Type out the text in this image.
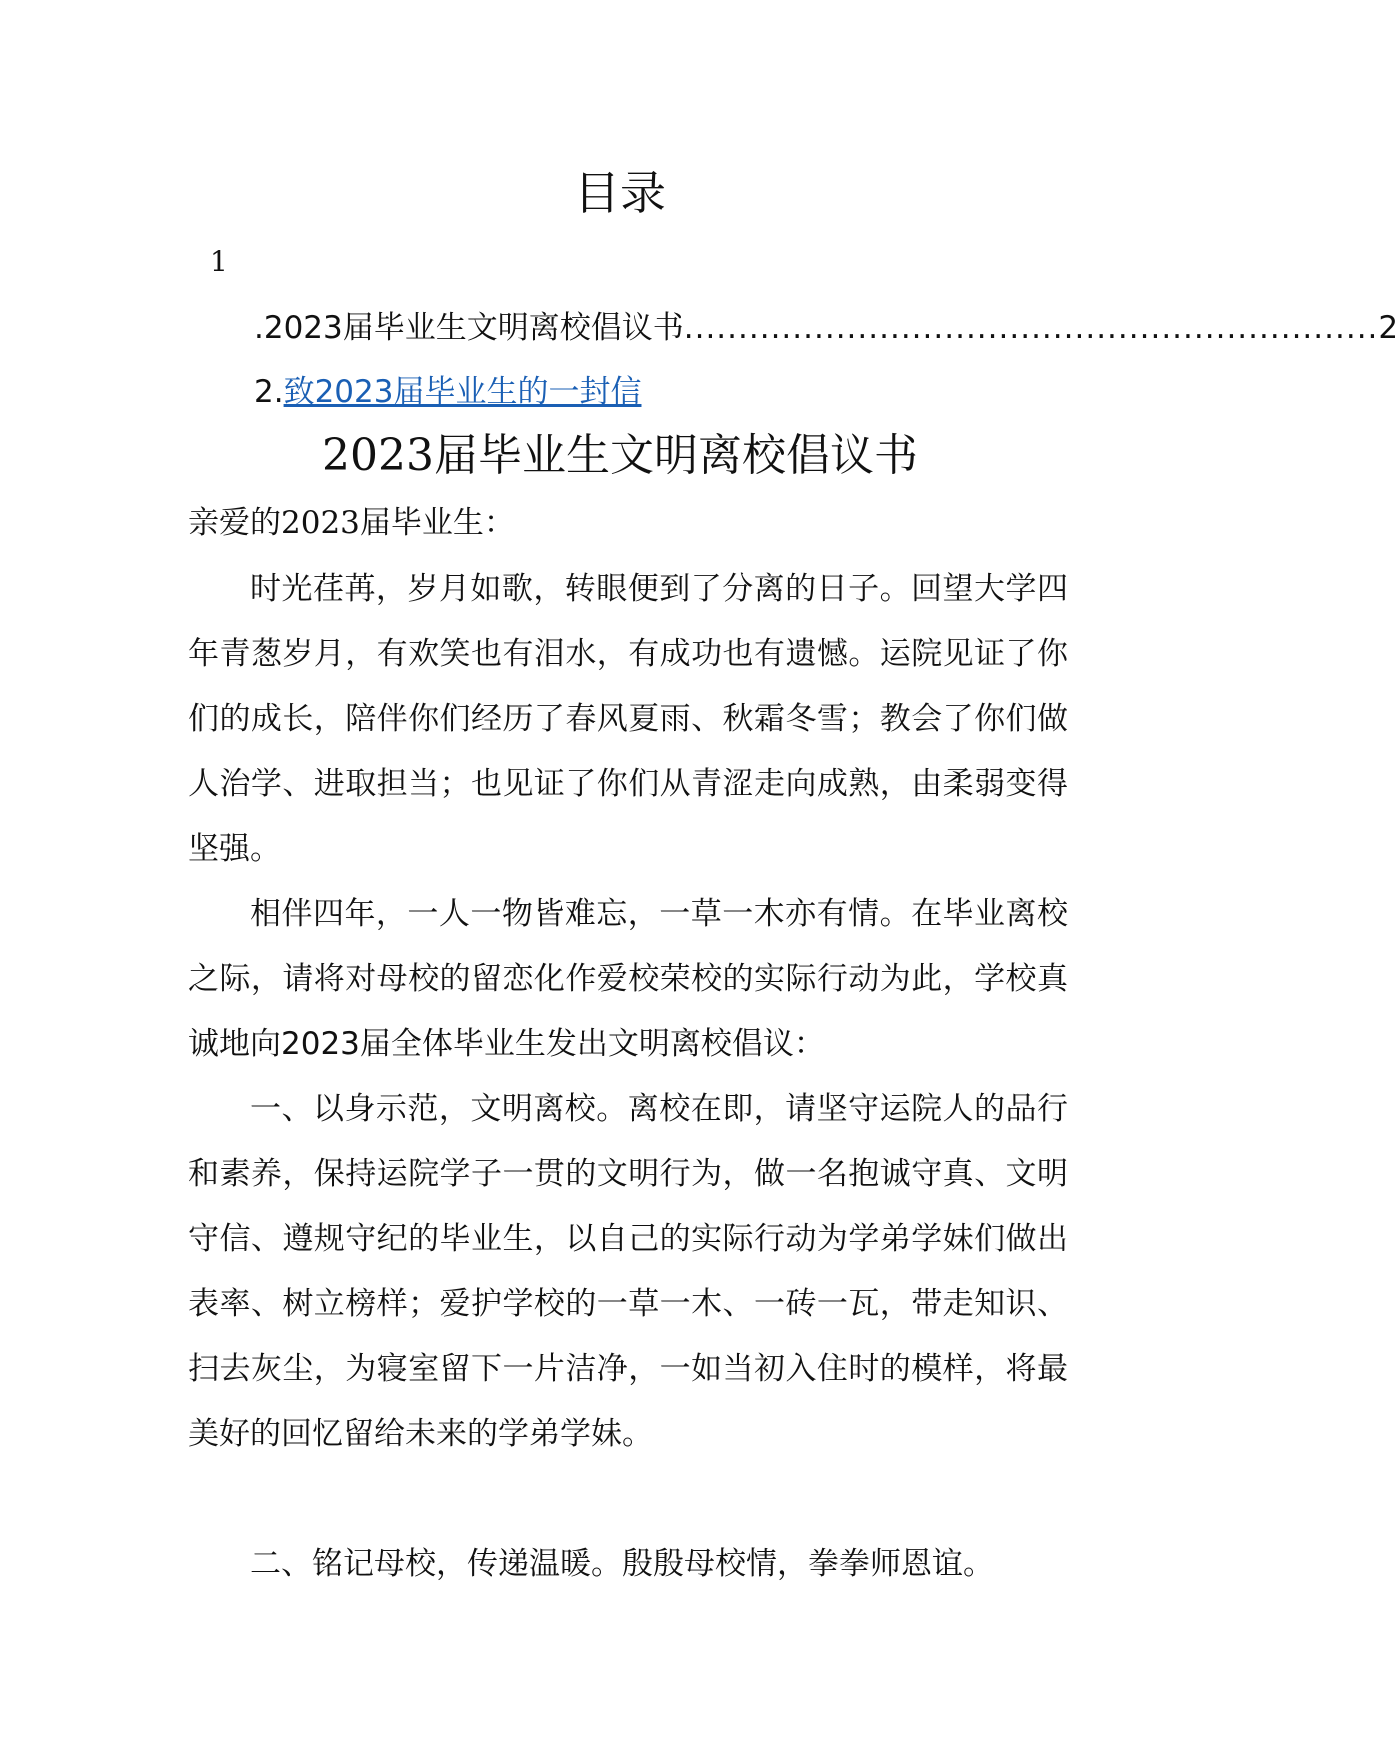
目录
1
.2023届毕业生文明离校倡议书 ................................................................ 2
2.致2023届毕业生的一封信
2023届毕业生文明离校倡议书
亲爱的2023届毕业生：

时光荏苒，岁月如歌，转眼便到了分离的日子。回望大学四年青葱岁月，有欢笑也有泪水，有成功也有遗憾。运院见证了你们的成长，陪伴你们经历了春风夏雨、秋霜冬雪；教会了你们做人治学、进取担当；也见证了你们从青涩走向成熟，由柔弱变得坚强。

相伴四年，一人一物皆难忘，一草一木亦有情。在毕业离校之际，请将对母校的留恋化作爱校荣校的实际行动为此，学校真诚地向2023届全体毕业生发出文明离校倡议：

一、以身示范，文明离校。离校在即，请坚守运院人的品行和素养，保持运院学子一贯的文明行为，做一名抱诚守真、文明守信、遵规守纪的毕业生，以自己的实际行动为学弟学妹们做出表率、树立榜样；爱护学校的一草一木、一砖一瓦，带走知识、扫去灰尘，为寝室留下一片洁净，一如当初入住时的模样，将最美好的回忆留给未来的学弟学妹。

二、铭记母校，传递温暖。殷殷母校情，拳拳师恩谊。
